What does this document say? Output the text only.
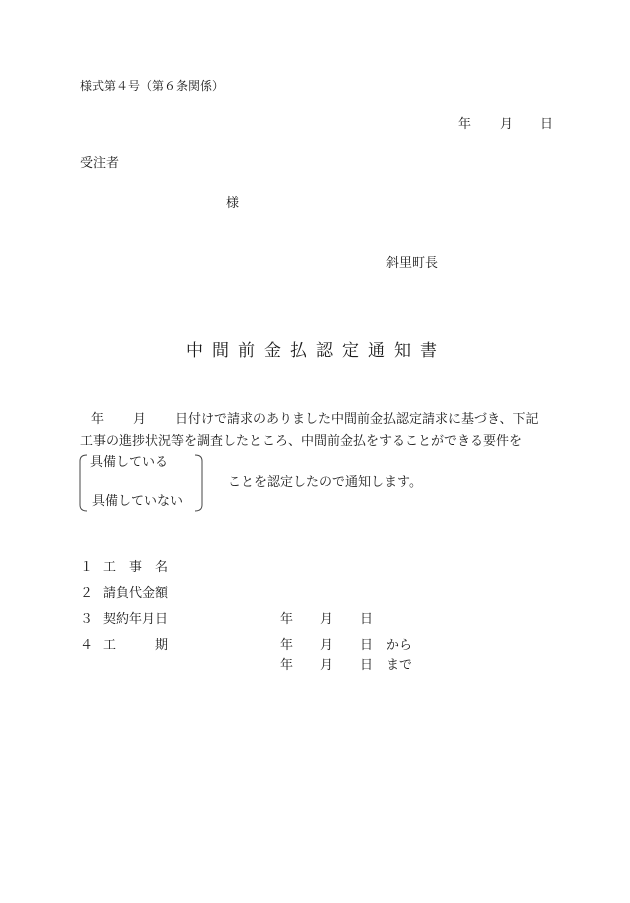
様式第４号（第６条関係）
年 月 日
受注者
様
斜里町長
中間前金払認定通知書
年 月 日付けで請求のありました中間前金払認定請求に基づき、下記
工事の進捗状況等を調査したところ、中間前金払をすることができる要件を
具備している
具備していない
ことを認定したので通知します。
１ 工　事　名
２ 請負代金額
３ 契約年月日	年 月 日
４ 工　　　期	年 月 日 から
年 月 日 まで
